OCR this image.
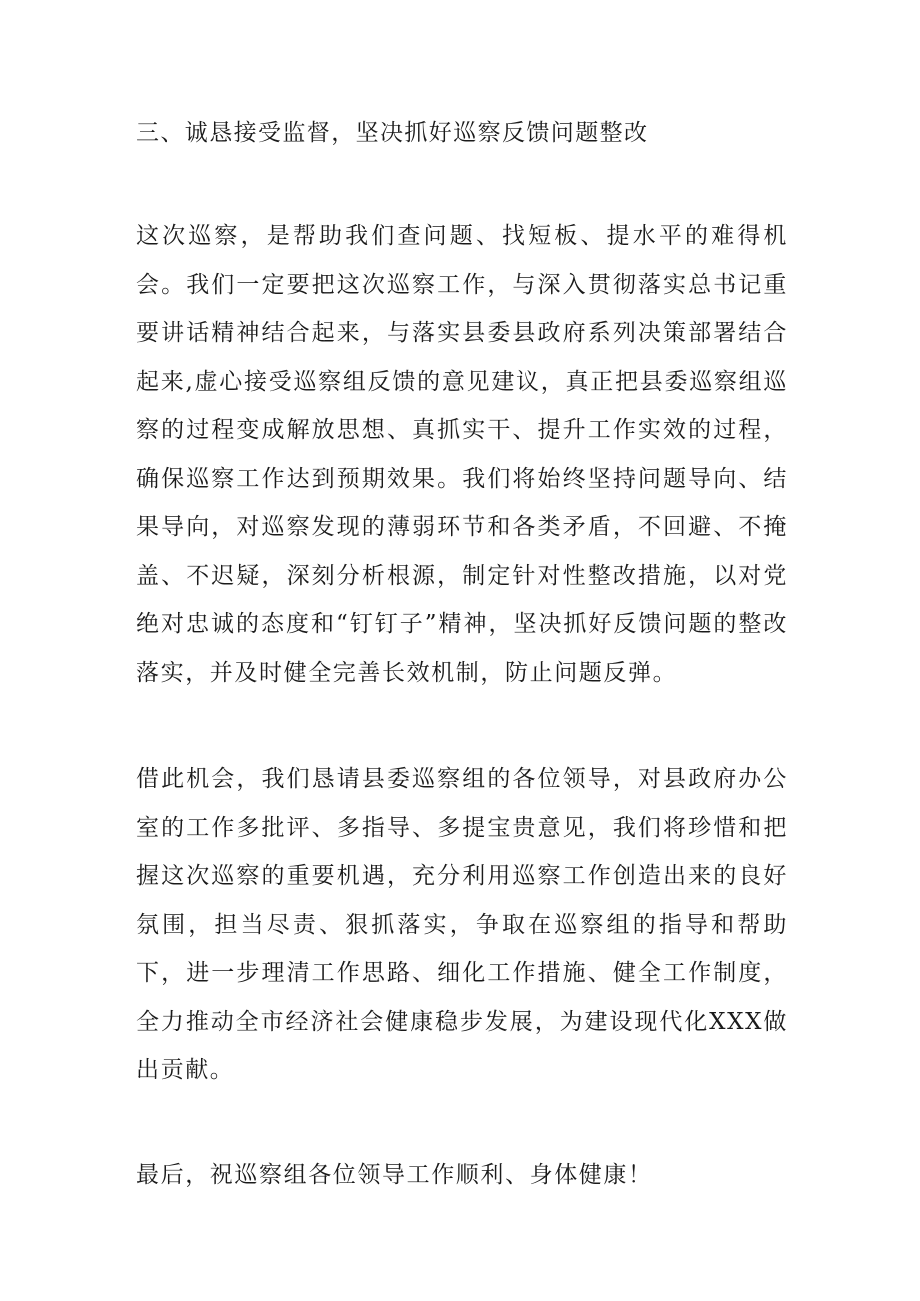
三、诚恳接受监督，坚决抓好巡察反馈问题整改

这次巡察，是帮助我们查问题、找短板、提水平的难得机会。我们一定要把这次巡察工作，与深入贯彻落实总书记重要讲话精神结合起来，与落实县委县政府系列决策部署结合起来,虚心接受巡察组反馈的意见建议，真正把县委巡察组巡察的过程变成解放思想、真抓实干、提升工作实效的过程，确保巡察工作达到预期效果。我们将始终坚持问题导向、结果导向，对巡察发现的薄弱环节和各类矛盾，不回避、不掩盖、不迟疑，深刻分析根源，制定针对性整改措施，以对党绝对忠诚的态度和“钉钉子”精神，坚决抓好反馈问题的整改落实，并及时健全完善长效机制，防止问题反弹。

借此机会，我们恳请县委巡察组的各位领导，对县政府办公室的工作多批评、多指导、多提宝贵意见，我们将珍惜和把握这次巡察的重要机遇，充分利用巡察工作创造出来的良好氛围，担当尽责、狠抓落实，争取在巡察组的指导和帮助下，进一步理清工作思路、细化工作措施、健全工作制度，全力推动全市经济社会健康稳步发展，为建设现代化XXX做出贡献。

最后，祝巡察组各位领导工作顺利、身体健康！
